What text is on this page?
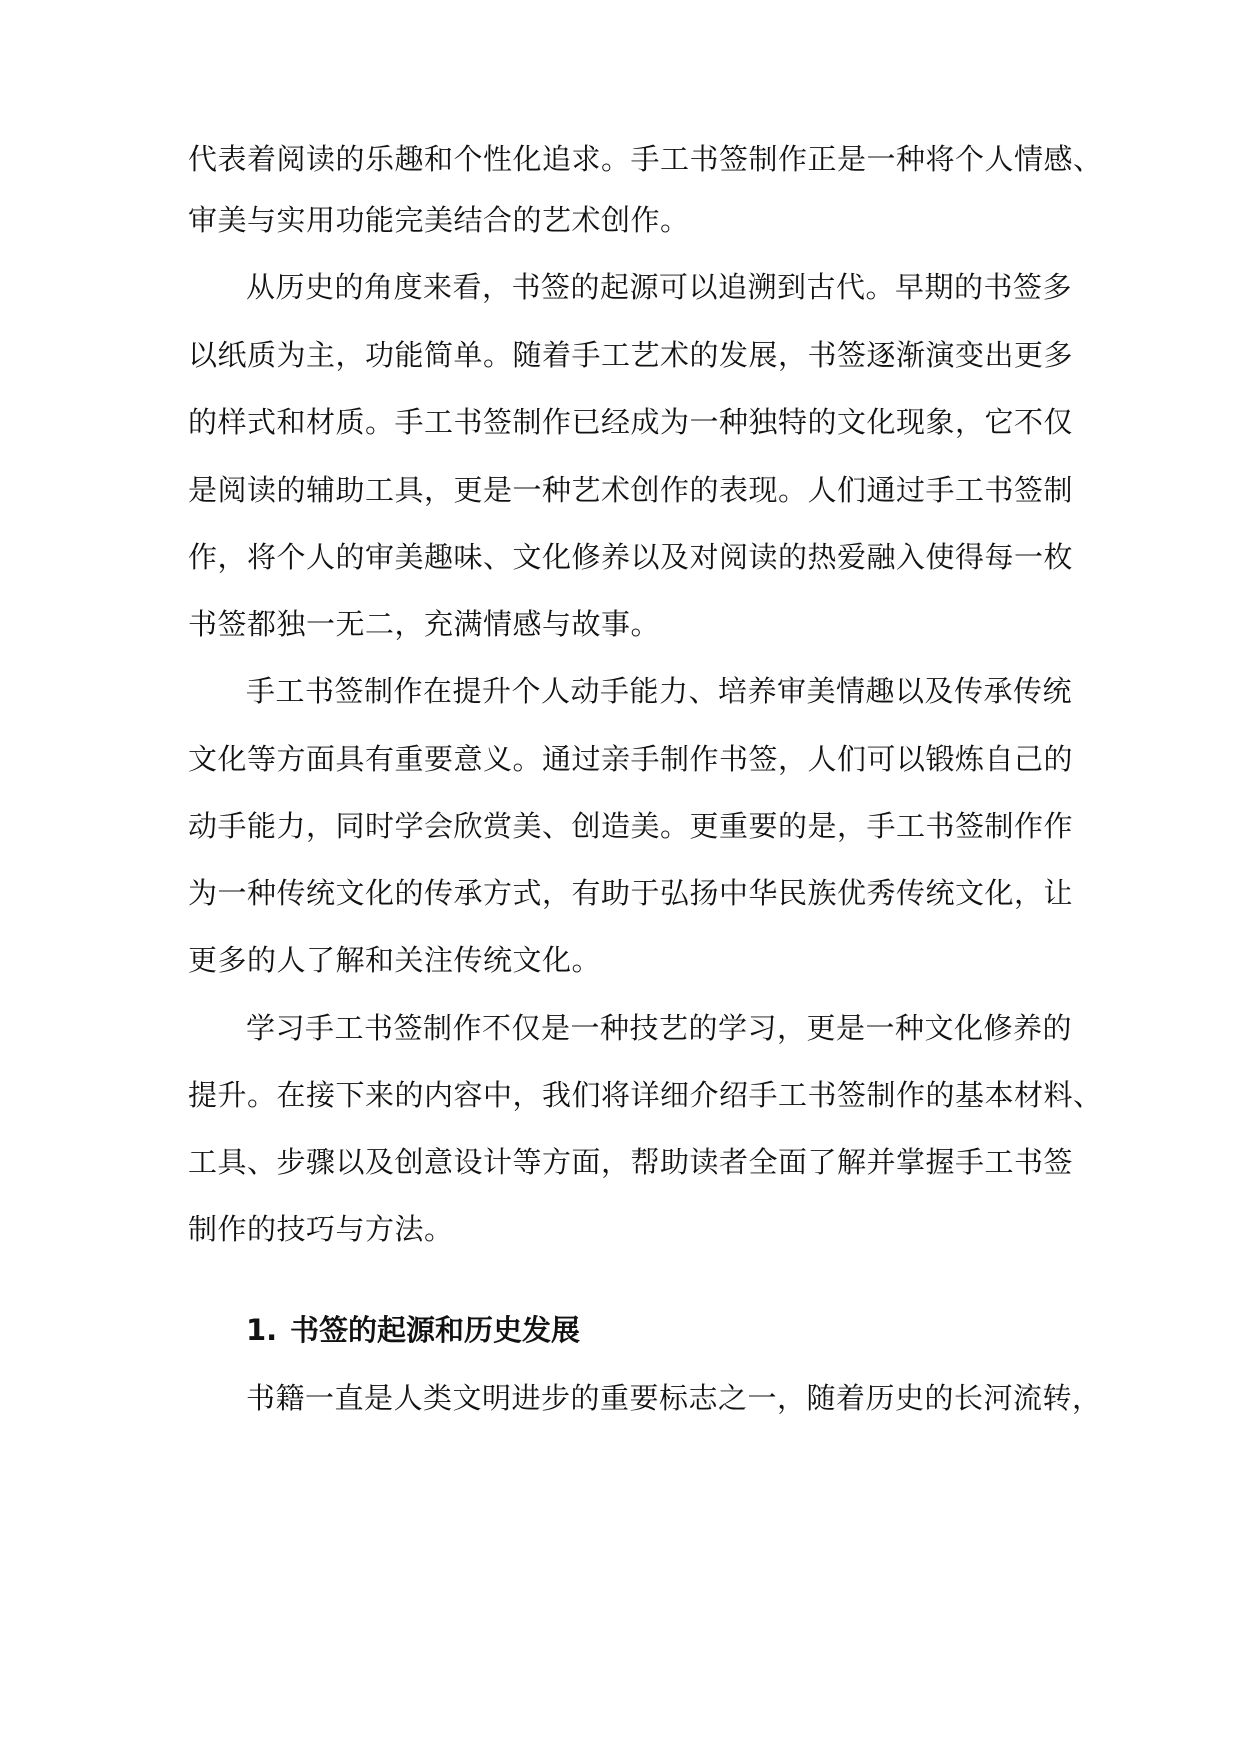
代表着阅读的乐趣和个性化追求。手工书签制作正是一种将个人情感、
审美与实用功能完美结合的艺术创作。
从历史的角度来看，书签的起源可以追溯到古代。早期的书签多
以纸质为主，功能简单。随着手工艺术的发展，书签逐渐演变出更多
的样式和材质。手工书签制作已经成为一种独特的文化现象，它不仅
是阅读的辅助工具，更是一种艺术创作的表现。人们通过手工书签制
作，将个人的审美趣味、文化修养以及对阅读的热爱融入使得每一枚
书签都独一无二，充满情感与故事。
手工书签制作在提升个人动手能力、培养审美情趣以及传承传统
文化等方面具有重要意义。通过亲手制作书签，人们可以锻炼自己的
动手能力，同时学会欣赏美、创造美。更重要的是，手工书签制作作
为一种传统文化的传承方式，有助于弘扬中华民族优秀传统文化，让
更多的人了解和关注传统文化。
学习手工书签制作不仅是一种技艺的学习，更是一种文化修养的
提升。在接下来的内容中，我们将详细介绍手工书签制作的基本材料、
工具、步骤以及创意设计等方面，帮助读者全面了解并掌握手工书签
制作的技巧与方法。
1. 书签的起源和历史发展
书籍一直是人类文明进步的重要标志之一，随着历史的长河流转，
